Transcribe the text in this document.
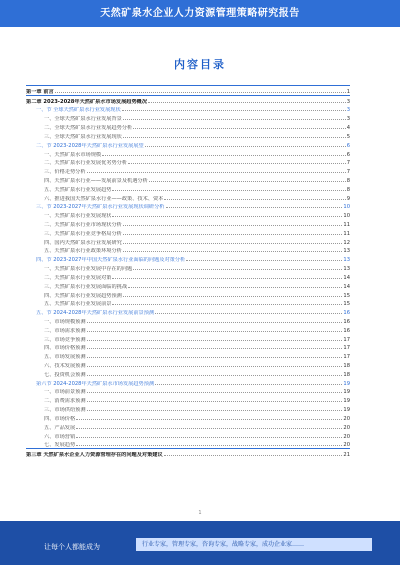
天然矿泉水企业人力资源管理策略研究报告
内容目录
第一章 前言	1
第二章 2023-2028年天然矿泉水市场发展趋势概况	3
一、节 全球天然矿泉水行业发展现状	3
一、全球天然矿泉水行业发展背景	3
二、全球天然矿泉水行业发展趋势分析	4
三、全球天然矿泉水行业发展现状	5
二、节 2023-2028年天然矿泉水行业发展展望	6
一、天然矿泉水市场规模	6
二、天然矿泉水行业发展优劣势分析	7
三、价格走势分析	7
四、天然矿泉水行业——发展前景及机遇分析	8
五、天然矿泉水行业发展趋势	8
六、推进我国天然矿泉水行业——政策、技术、资本	9
三、节 2023-2027年天然矿泉水行业发展现状调研分析	10
一、天然矿泉水行业发展现状	10
二、天然矿泉水行业市场现状分析	11
三、天然矿泉水行业竞争格局分析	11
四、国内天然矿泉水行业发展研究	12
五、天然矿泉水行业政策环境分析	13
四、节 2023-2027年中国天然矿泉水行业面临的问题及对策分析	13
一、天然矿泉水行业发展中存在的问题	13
二、天然矿泉水行业发展对策	14
三、天然矿泉水行业发展面临的挑战	14
四、天然矿泉水行业发展趋势预测	15
五、天然矿泉水行业发展前景	15
五、节 2024-2028年天然矿泉水行业发展前景预测	16
一、市场规模预测	16
二、市场需求预测	16
三、市场竞争预测	17
四、市场价格预测	17
五、市场发展预测	17
六、技术发展预测	18
七、投资机会预测	18
第六节 2024-2028年天然矿泉水市场发展趋势预测	19
一、市场前景预测	19
二、消费需求预测	19
三、市场供给预测	19
四、市场价格	20
五、产品发展	20
六、市场营销	20
七、发展趋势	20
第三章 天然矿泉水企业人力资源管理存在的问题及对策建议	21
1
让每个人都能成为	行业专家，管理专家，咨询专家，战略专家，成功企业家……
